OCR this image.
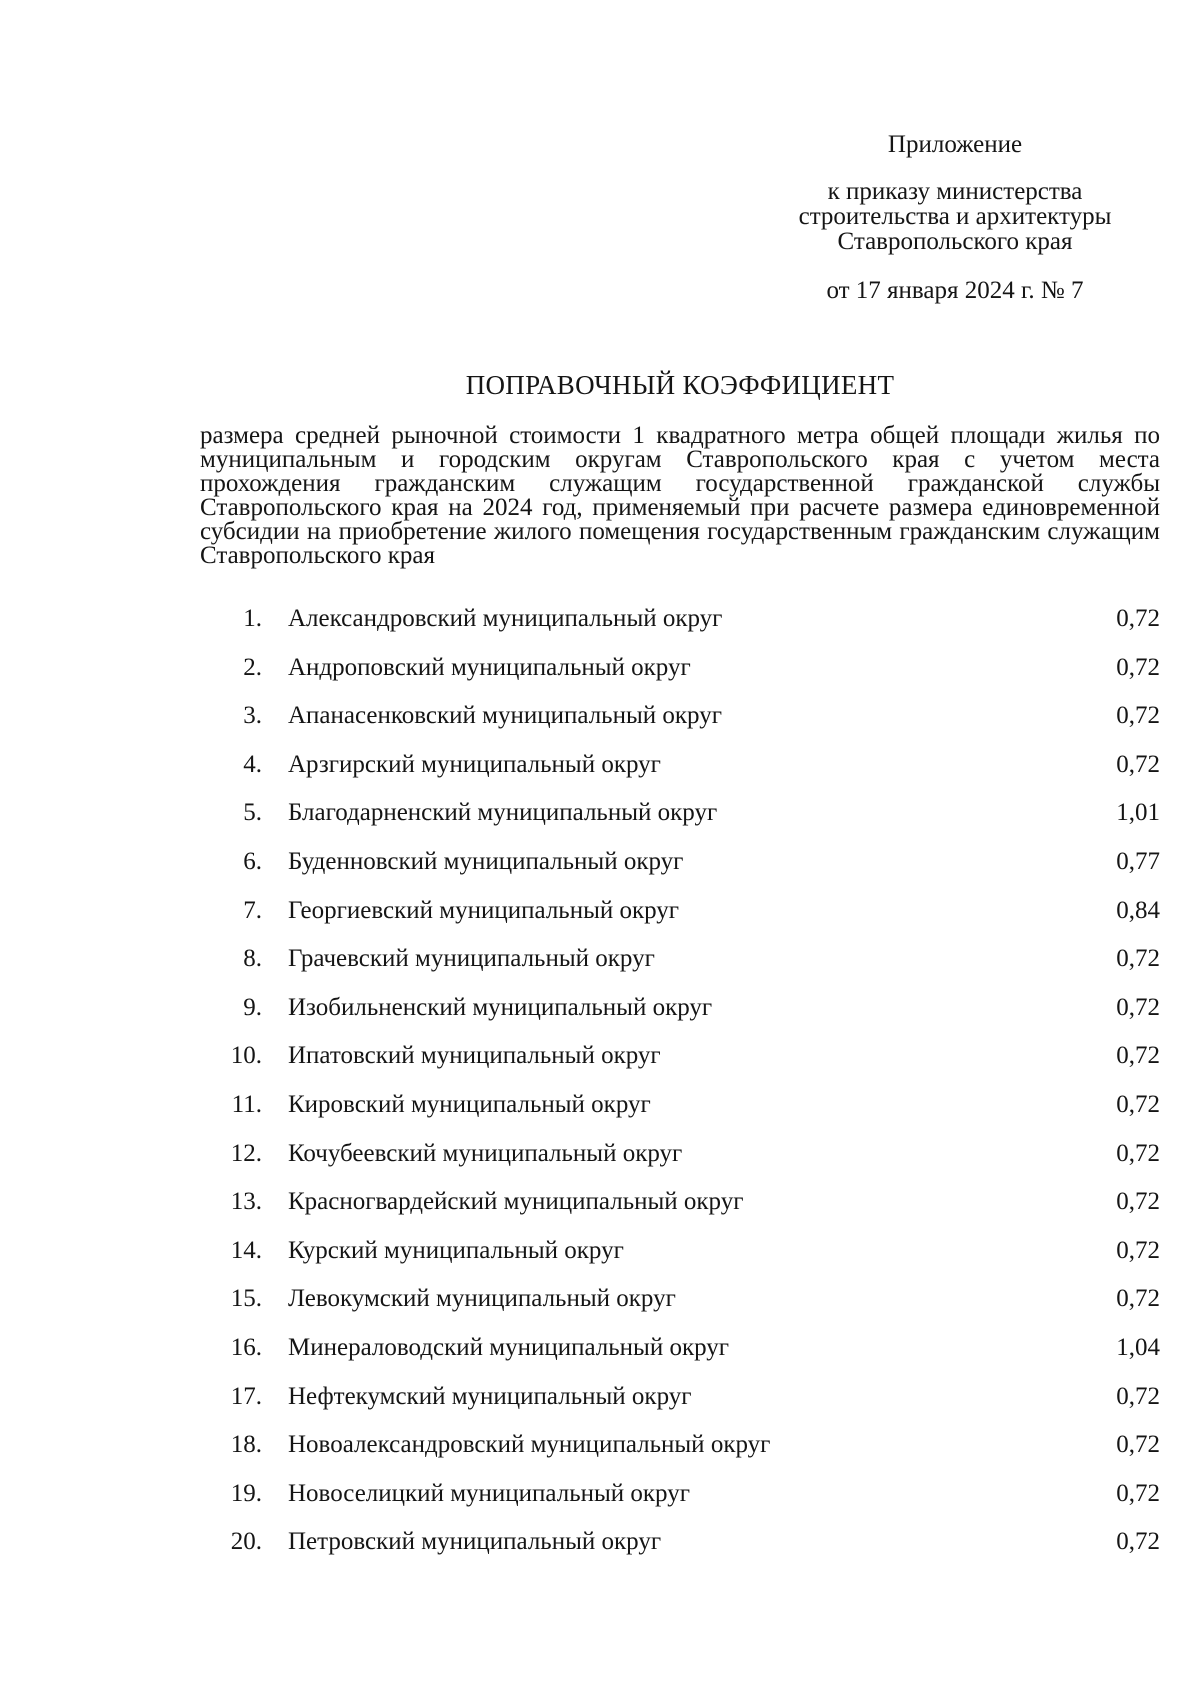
Приложение
к приказу министерства
строительства и архитектуры
Ставропольского края
от 17 января 2024 г. № 7
ПОПРАВОЧНЫЙ КОЭФФИЦИЕНТ
размера средней рыночной стоимости 1 квадратного метра общей площади жилья по муниципальным и городским округам Ставропольского края с учетом места прохождения гражданским служащим государственной гражданской службы Ставропольского края на 2024 год, применяемый при расчете размера единовременной субсидии на приобретение жилого помещения государственным гражданским служащим Ставропольского края
1. Александровский муниципальный округ	0,72
2. Андроповский муниципальный округ	0,72
3. Апанасенковский муниципальный округ	0,72
4. Арзгирский муниципальный округ	0,72
5. Благодарненский муниципальный округ	1,01
6. Буденновский муниципальный округ	0,77
7. Георгиевский муниципальный округ	0,84
8. Грачевский муниципальный округ	0,72
9. Изобильненский муниципальный округ	0,72
10. Ипатовский муниципальный округ	0,72
11. Кировский муниципальный округ	0,72
12. Кочубеевский муниципальный округ	0,72
13. Красногвардейский муниципальный округ	0,72
14. Курский муниципальный округ	0,72
15. Левокумский муниципальный округ	0,72
16. Минераловодский муниципальный округ	1,04
17. Нефтекумский муниципальный округ	0,72
18. Новоалександровский муниципальный округ	0,72
19. Новоселицкий муниципальный округ	0,72
20. Петровский муниципальный округ	0,72
